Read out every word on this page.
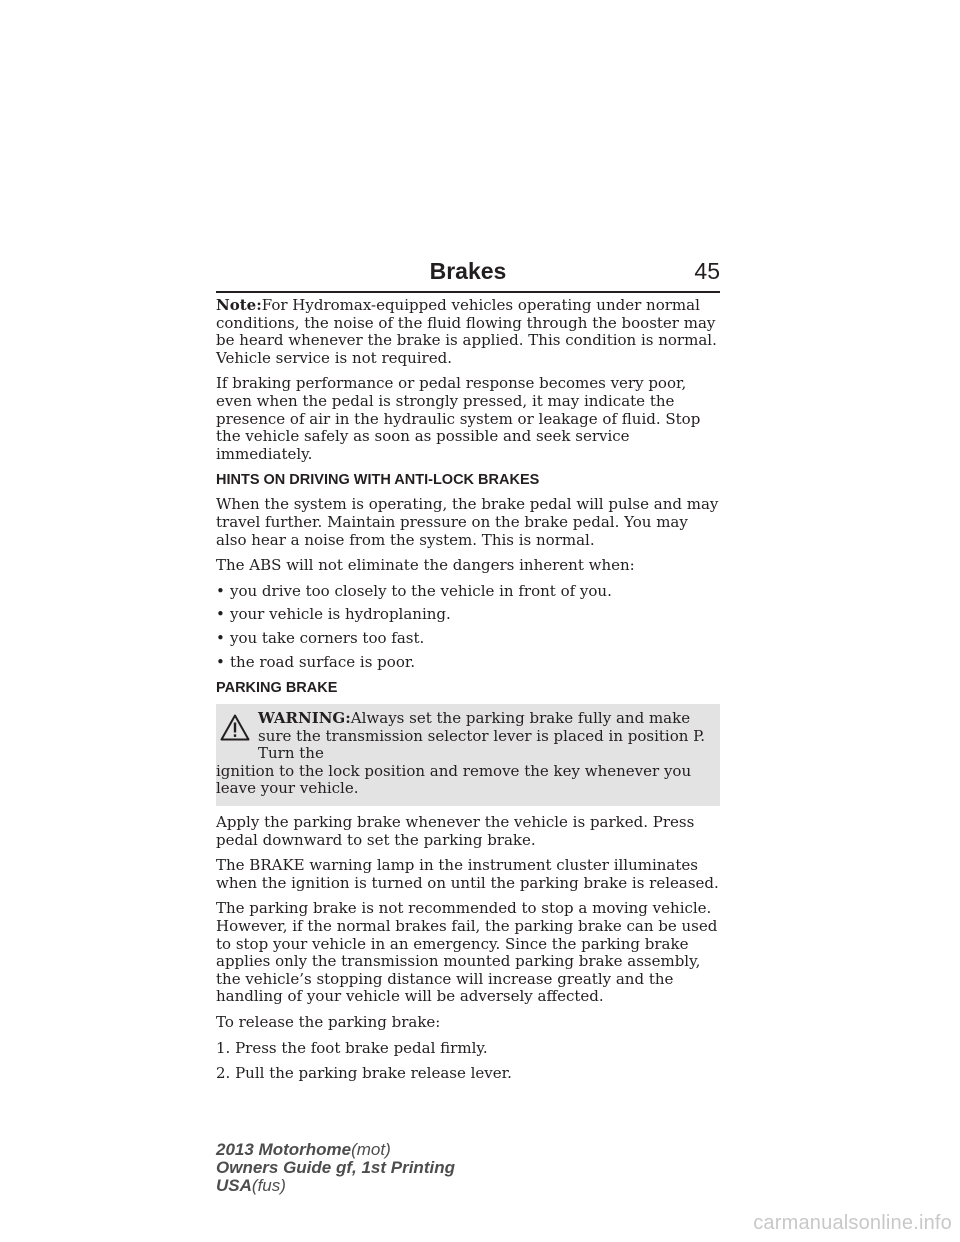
Brakes	45

Note:For Hydromax-equipped vehicles operating under normal conditions, the noise of the fluid flowing through the booster may be heard whenever the brake is applied. This condition is normal. Vehicle service is not required.

If braking performance or pedal response becomes very poor, even when the pedal is strongly pressed, it may indicate the presence of air in the hydraulic system or leakage of fluid. Stop the vehicle safely as soon as possible and seek service immediately.

HINTS ON DRIVING WITH ANTI-LOCK BRAKES

When the system is operating, the brake pedal will pulse and may travel further. Maintain pressure on the brake pedal. You may also hear a noise from the system. This is normal.

The ABS will not eliminate the dangers inherent when:

• you drive too closely to the vehicle in front of you.
• your vehicle is hydroplaning.
• you take corners too fast.
• the road surface is poor.
PARKING BRAKE
WARNING:Always set the parking brake fully and make sure the transmission selector lever is placed in position P. Turn the
ignition to the lock position and remove the key whenever you leave your vehicle.

Apply the parking brake whenever the vehicle is parked. Press pedal downward to set the parking brake.

The BRAKE warning lamp in the instrument cluster illuminates when the ignition is turned on until the parking brake is released.

The parking brake is not recommended to stop a moving vehicle. However, if the normal brakes fail, the parking brake can be used to stop your vehicle in an emergency. Since the parking brake applies only the transmission mounted parking brake assembly, the vehicle’s stopping distance will increase greatly and the handling of your vehicle will be adversely affected.

To release the parking brake:

1. Press the foot brake pedal firmly.

2. Pull the parking brake release lever.

2013 Motorhome(mot)
Owners Guide gf, 1st Printing
USA(fus)
carmanualsonline.info
